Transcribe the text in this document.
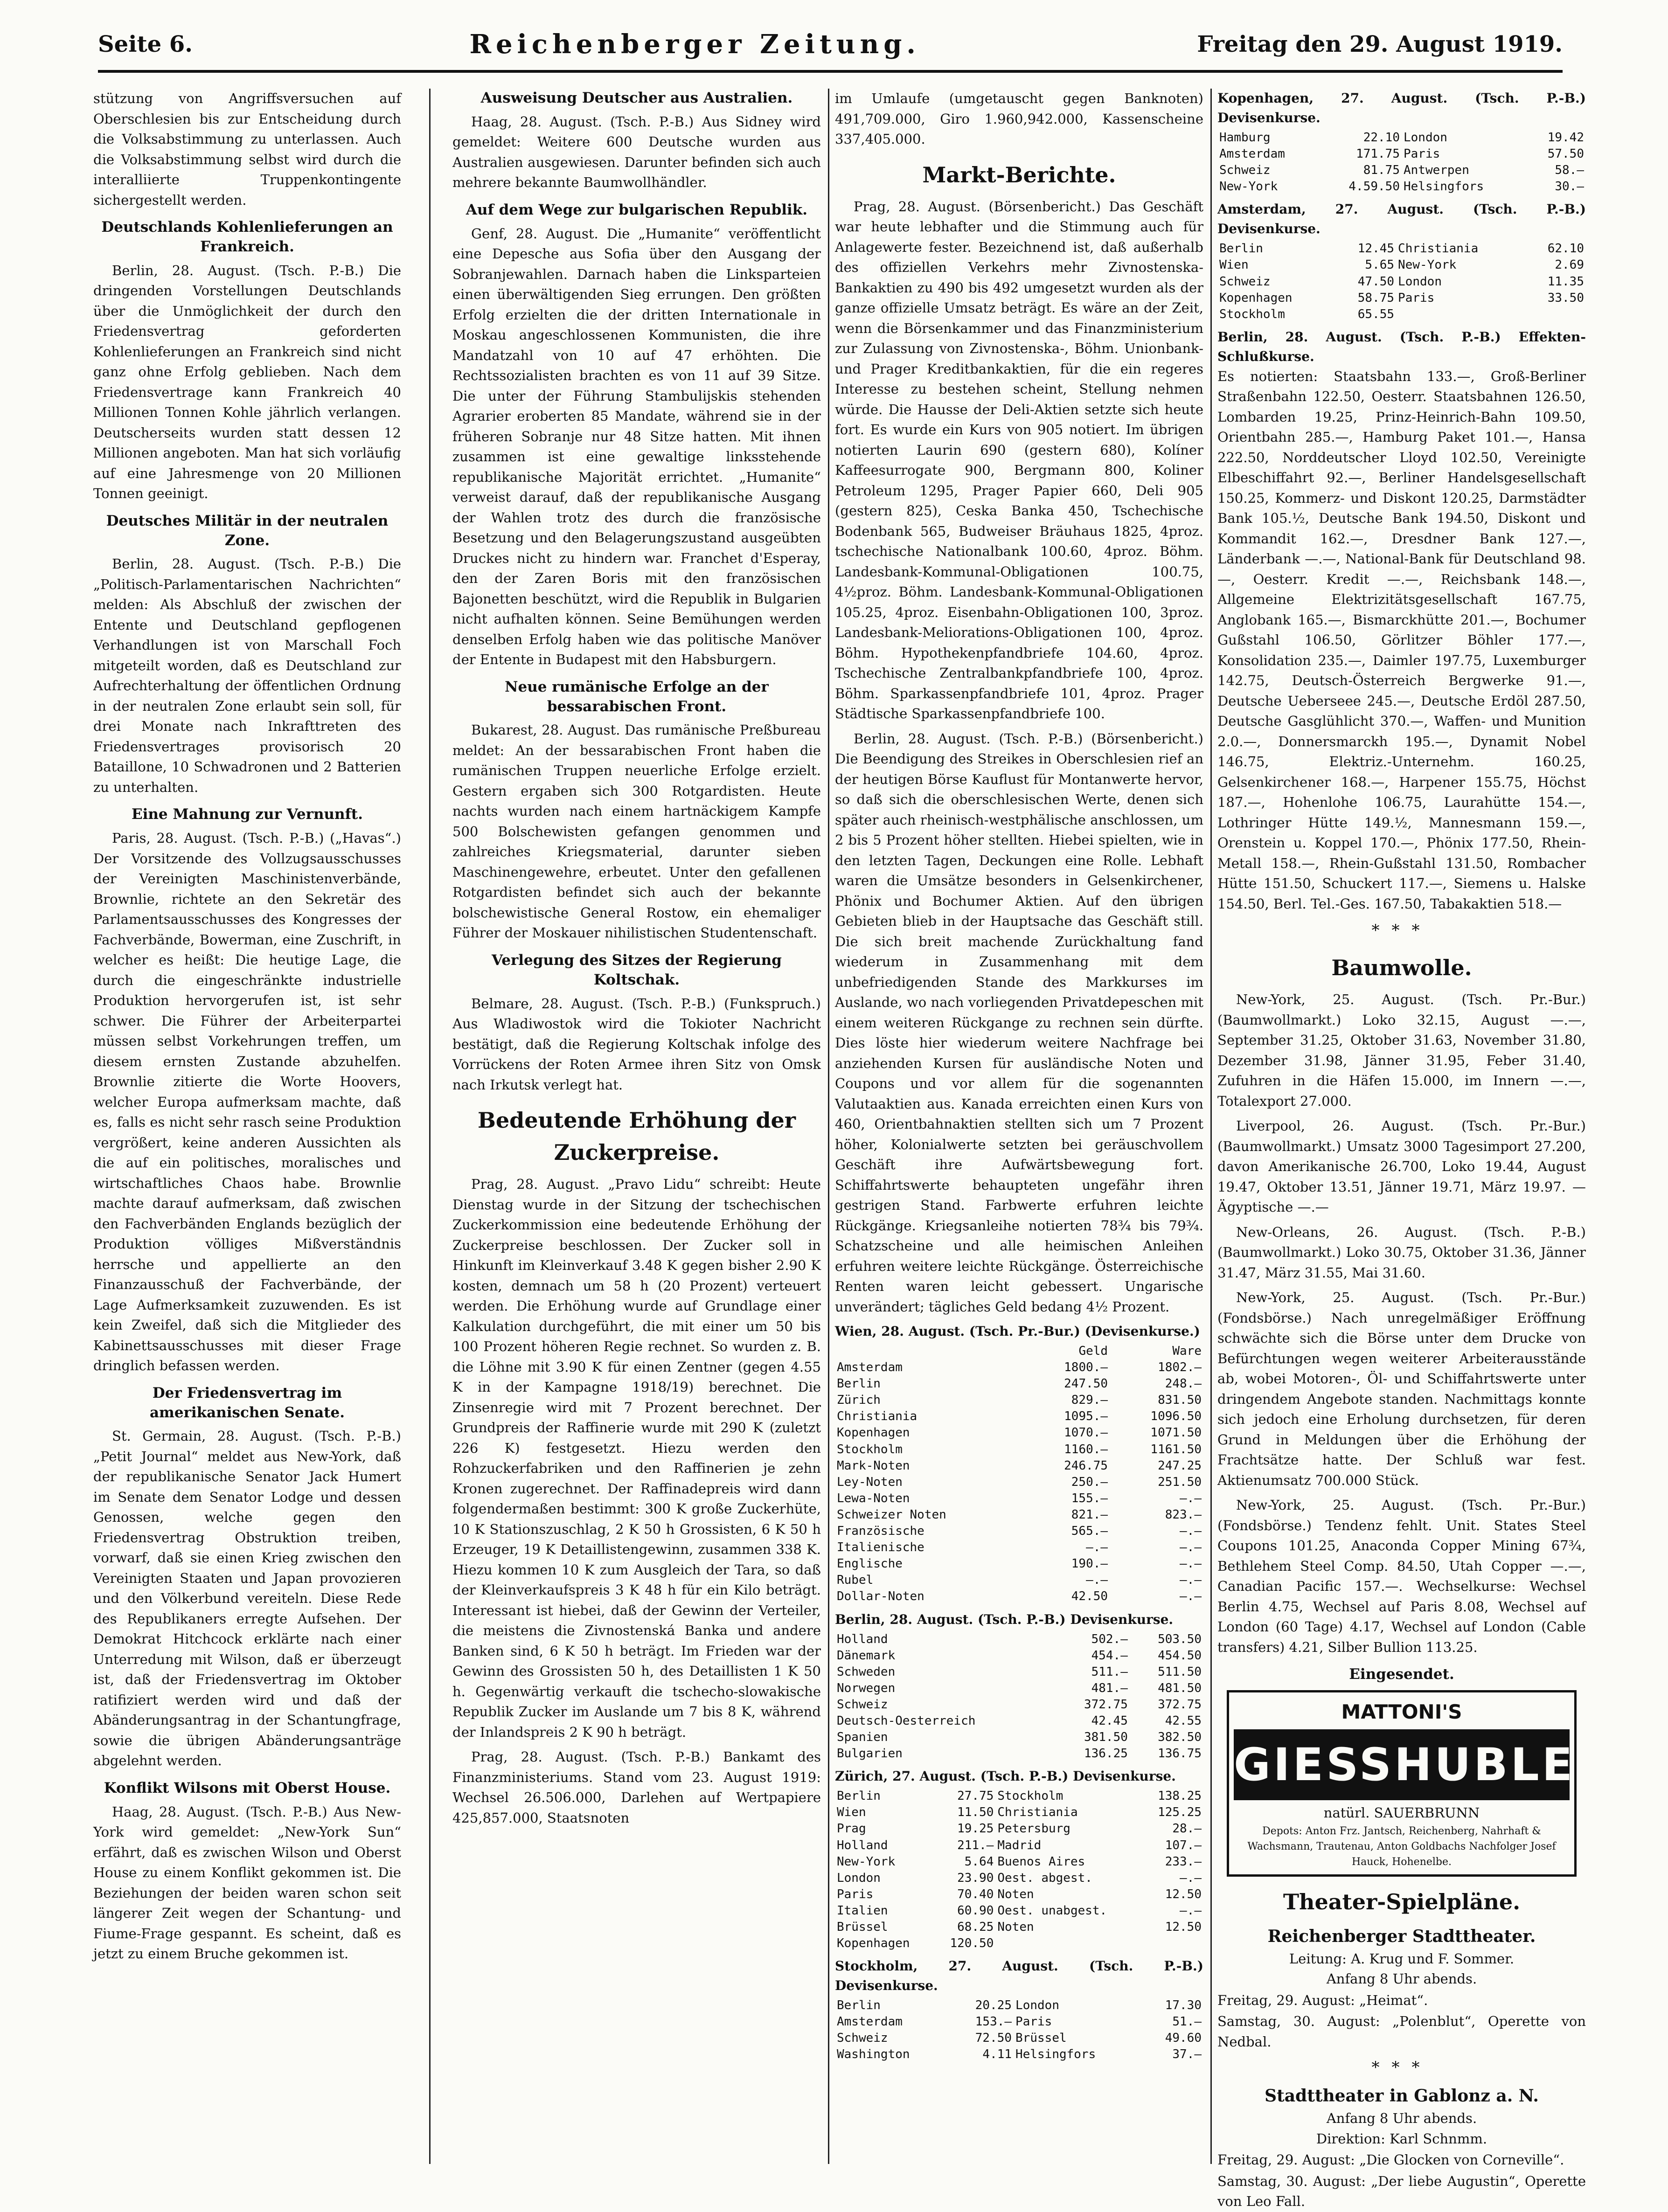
Seite 6.	Reichenberger Zeitung.	Freitag den 29. August 1919.

stützung von Angriffsversuchen auf Oberschlesien bis zur Entscheidung durch die Volksabstimmung zu unterlassen. Auch die Volksabstimmung selbst wird durch die interalliierte Truppenkontingente sichergestellt werden.

Deutschlands Kohlenlieferungen an Frankreich.

Berlin, 28. August. (Tsch. P.-B.) Die dringenden Vorstellungen Deutschlands über die Unmöglichkeit der durch den Friedensvertrag geforderten Kohlenlieferungen an Frankreich sind nicht ganz ohne Erfolg geblieben. Nach dem Friedensvertrage kann Frankreich 40 Millionen Tonnen Kohle jährlich verlangen. Deutscherseits wurden statt dessen 12 Millionen angeboten. Man hat sich vorläufig auf eine Jahresmenge von 20 Millionen Tonnen geeinigt.

Deutsches Militär in der neutralen Zone.

Berlin, 28. August. (Tsch. P.-B.) Die „Politisch-Parlamentarischen Nachrichten“ melden: Als Abschluß der zwischen der Entente und Deutschland gepflogenen Verhandlungen ist von Marschall Foch mitgeteilt worden, daß es Deutschland zur Aufrechterhaltung der öffentlichen Ordnung in der neutralen Zone erlaubt sein soll, für drei Monate nach Inkrafttreten des Friedensvertrages provisorisch 20 Bataillone, 10 Schwadronen und 2 Batterien zu unterhalten.

Eine Mahnung zur Vernunft.

Paris, 28. August. (Tsch. P.-B.) („Havas“.) Der Vorsitzende des Vollzugsausschusses der Vereinigten Maschinistenverbände, Brownlie, richtete an den Sekretär des Parlamentsausschusses des Kongresses der Fachverbände, Bowerman, eine Zuschrift, in welcher es heißt: Die heutige Lage, die durch die eingeschränkte industrielle Produktion hervorgerufen ist, ist sehr schwer. Die Führer der Arbeiterpartei müssen selbst Vorkehrungen treffen, um diesem ernsten Zustande abzuhelfen. Brownlie zitierte die Worte Hoovers, welcher Europa aufmerksam machte, daß es, falls es nicht sehr rasch seine Produktion vergrößert, keine anderen Aussichten als die auf ein politisches, moralisches und wirtschaftliches Chaos habe. Brownlie machte darauf aufmerksam, daß zwischen den Fachverbänden Englands bezüglich der Produktion völliges Mißverständnis herrsche und appellierte an den Finanzausschuß der Fachverbände, der Lage Aufmerksamkeit zuzuwenden. Es ist kein Zweifel, daß sich die Mitglieder des Kabinettsausschusses mit dieser Frage dringlich befassen werden.

Der Friedensvertrag im amerikanischen Senate.

St. Germain, 28. August. (Tsch. P.-B.) „Petit Journal“ meldet aus New-York, daß der republikanische Senator Jack Humert im Senate dem Senator Lodge und dessen Genossen, welche gegen den Friedensvertrag Obstruktion treiben, vorwarf, daß sie einen Krieg zwischen den Vereinigten Staaten und Japan provozieren und den Völkerbund vereiteln. Diese Rede des Republikaners erregte Aufsehen. Der Demokrat Hitchcock erklärte nach einer Unterredung mit Wilson, daß er überzeugt ist, daß der Friedensvertrag im Oktober ratifiziert werden wird und daß der Abänderungsantrag in der Schantungfrage, sowie die übrigen Abänderungsanträge abgelehnt werden.

Konflikt Wilsons mit Oberst House.

Haag, 28. August. (Tsch. P.-B.) Aus New-York wird gemeldet: „New-York Sun“ erfährt, daß es zwischen Wilson und Oberst House zu einem Konflikt gekommen ist. Die Beziehungen der beiden waren schon seit längerer Zeit wegen der Schantung- und Fiume-Frage gespannt. Es scheint, daß es jetzt zu einem Bruche gekommen ist.

Ausweisung Deutscher aus Australien.

Haag, 28. August. (Tsch. P.-B.) Aus Sidney wird gemeldet: Weitere 600 Deutsche wurden aus Australien ausgewiesen. Darunter befinden sich auch mehrere bekannte Baumwollhändler.

Auf dem Wege zur bulgarischen Republik.

Genf, 28. August. Die „Humanite“ veröffentlicht eine Depesche aus Sofia über den Ausgang der Sobranjewahlen. Darnach haben die Linksparteien einen überwältigenden Sieg errungen. Den größten Erfolg erzielten die der dritten Internationale in Moskau angeschlossenen Kommunisten, die ihre Mandatzahl von 10 auf 47 erhöhten. Die Rechtssozialisten brachten es von 11 auf 39 Sitze. Die unter der Führung Stambulijskis stehenden Agrarier eroberten 85 Mandate, während sie in der früheren Sobranje nur 48 Sitze hatten. Mit ihnen zusammen ist eine gewaltige linksstehende republikanische Majorität errichtet. „Humanite“ verweist darauf, daß der republikanische Ausgang der Wahlen trotz des durch die französische Besetzung und den Belagerungszustand ausgeübten Druckes nicht zu hindern war. Franchet d'Esperay, den der Zaren Boris mit den französischen Bajonetten beschützt, wird die Republik in Bulgarien nicht aufhalten können. Seine Bemühungen werden denselben Erfolg haben wie das politische Manöver der Entente in Budapest mit den Habsburgern.

Neue rumänische Erfolge an der bessarabischen Front.

Bukarest, 28. August. Das rumänische Preßbureau meldet: An der bessarabischen Front haben die rumänischen Truppen neuerliche Erfolge erzielt. Gestern ergaben sich 300 Rotgardisten. Heute nachts wurden nach einem hartnäckigem Kampfe 500 Bolschewisten gefangen genommen und zahlreiches Kriegsmaterial, darunter sieben Maschinengewehre, erbeutet. Unter den gefallenen Rotgardisten befindet sich auch der bekannte bolschewistische General Rostow, ein ehemaliger Führer der Moskauer nihilistischen Studentenschaft.

Verlegung des Sitzes der Regierung Koltschak.

Belmare, 28. August. (Tsch. P.-B.) (Funkspruch.) Aus Wladiwostok wird die Tokioter Nachricht bestätigt, daß die Regierung Koltschak infolge des Vorrückens der Roten Armee ihren Sitz von Omsk nach Irkutsk verlegt hat.

Bedeutende Erhöhung der Zuckerpreise.

Prag, 28. August. „Pravo Lidu“ schreibt: Heute Dienstag wurde in der Sitzung der tschechischen Zuckerkommission eine bedeutende Erhöhung der Zuckerpreise beschlossen. Der Zucker soll in Hinkunft im Kleinverkauf 3.48 K gegen bisher 2.90 K kosten, demnach um 58 h (20 Prozent) verteuert werden. Die Erhöhung wurde auf Grundlage einer Kalkulation durchgeführt, die mit einer um 50 bis 100 Prozent höheren Regie rechnet. So wurden z. B. die Löhne mit 3.90 K für einen Zentner (gegen 4.55 K in der Kampagne 1918/19) berechnet. Die Zinsenregie wird mit 7 Prozent berechnet. Der Grundpreis der Raffinerie wurde mit 290 K (zuletzt 226 K) festgesetzt. Hiezu werden den Rohzuckerfabriken und den Raffinerien je zehn Kronen zugerechnet. Der Raffinadepreis wird dann folgendermaßen bestimmt: 300 K große Zuckerhüte, 10 K Stationszuschlag, 2 K 50 h Grossisten, 6 K 50 h Erzeuger, 19 K Detaillistengewinn, zusammen 338 K. Hiezu kommen 10 K zum Ausgleich der Tara, so daß der Kleinverkaufspreis 3 K 48 h für ein Kilo beträgt. Interessant ist hiebei, daß der Gewinn der Verteiler, die meistens die Zivnostenská Banka und andere Banken sind, 6 K 50 h beträgt. Im Frieden war der Gewinn des Grossisten 50 h, des Detaillisten 1 K 50 h. Gegenwärtig verkauft die tschecho-slowakische Republik Zucker im Auslande um 7 bis 8 K, während der Inlandspreis 2 K 90 h beträgt.

Prag, 28. August. (Tsch. P.-B.) Bankamt des Finanzministeriums. Stand vom 23. August 1919: Wechsel 26.506.000, Darlehen auf Wertpapiere 425,857.000, Staatsnoten

im Umlaufe (umgetauscht gegen Banknoten) 491,709.000, Giro 1.960,942.000, Kassenscheine 337,405.000.

Markt-Berichte.

Prag, 28. August. (Börsenbericht.) Das Geschäft war heute lebhafter und die Stimmung auch für Anlagewerte fester. Bezeichnend ist, daß außerhalb des offiziellen Verkehrs mehr Zivnostenska-Bankaktien zu 490 bis 492 umgesetzt wurden als der ganze offizielle Umsatz beträgt. Es wäre an der Zeit, wenn die Börsenkammer und das Finanzministerium zur Zulassung von Zivnostenska-, Böhm. Unionbank- und Prager Kreditbankaktien, für die ein regeres Interesse zu bestehen scheint, Stellung nehmen würde. Die Hausse der Deli-Aktien setzte sich heute fort. Es wurde ein Kurs von 905 notiert. Im übrigen notierten Laurin 690 (gestern 680), Kolíner Kaffeesurrogate 900, Bergmann 800, Koliner Petroleum 1295, Prager Papier 660, Deli 905 (gestern 825), Ceska Banka 450, Tschechische Bodenbank 565, Budweiser Bräuhaus 1825, 4proz. tschechische Nationalbank 100.60, 4proz. Böhm. Landesbank-Kommunal-Obligationen 100.75, 4½proz. Böhm. Landesbank-Kommunal-Obligationen 105.25, 4proz. Eisenbahn-Obligationen 100, 3proz. Landesbank-Meliorations-Obligationen 100, 4proz. Böhm. Hypothekenpfandbriefe 104.60, 4proz. Tschechische Zentralbankpfandbriefe 100, 4proz. Böhm. Sparkassenpfandbriefe 101, 4proz. Prager Städtische Sparkassenpfandbriefe 100.

Berlin, 28. August. (Tsch. P.-B.) (Börsenbericht.) Die Beendigung des Streikes in Oberschlesien rief an der heutigen Börse Kauflust für Montanwerte hervor, so daß sich die oberschlesischen Werte, denen sich später auch rheinisch-westphälische anschlossen, um 2 bis 5 Prozent höher stellten. Hiebei spielten, wie in den letzten Tagen, Deckungen eine Rolle. Lebhaft waren die Umsätze besonders in Gelsenkirchener, Phönix und Bochumer Aktien. Auf den übrigen Gebieten blieb in der Hauptsache das Geschäft still. Die sich breit machende Zurückhaltung fand wiederum in Zusammenhang mit dem unbefriedigenden Stande des Markkurses im Auslande, wo nach vorliegenden Privatdepeschen mit einem weiteren Rückgange zu rechnen sein dürfte. Dies löste hier wiederum weitere Nachfrage bei anziehenden Kursen für ausländische Noten und Coupons und vor allem für die sogenannten Valutaaktien aus. Kanada erreichten einen Kurs von 460, Orientbahnaktien stellten sich um 7 Prozent höher, Kolonialwerte setzten bei geräuschvollem Geschäft ihre Aufwärtsbewegung fort. Schiffahrtswerte behaupteten ungefähr ihren gestrigen Stand. Farbwerte erfuhren leichte Rückgänge. Kriegsanleihe notierten 78¾ bis 79¾. Schatzscheine und alle heimischen Anleihen erfuhren weitere leichte Rückgänge. Österreichische Renten waren leicht gebessert. Ungarische unverändert; tägliches Geld bedang 4½ Prozent.

Wien, 28. August. (Tsch. Pr.-Bur.) (Devisenkurse.)
	Geld	Ware
Amsterdam	1800.—	1802.—
Berlin	247.50	248.—
Zürich	829.—	831.50
Christiania	1095.—	1096.50
Kopenhagen	1070.—	1071.50
Stockholm	1160.—	1161.50
Mark-Noten	246.75	247.25
Ley-Noten	250.—	251.50
Lewa-Noten	155.—	—.—
Schweizer Noten	821.—	823.—
Französische	565.—	—.—
Italienische	—.—	—.—
Englische	190.—	—.—
Rubel	—.—	—.—
Dollar-Noten	42.50	—.—
Berlin, 28. August. (Tsch. P.-B.) Devisenkurse.
Holland	502.—	503.50
Dänemark	454.—	454.50
Schweden	511.—	511.50
Norwegen	481.—	481.50
Schweiz	372.75	372.75
Deutsch-Oesterreich	42.45	42.55
Spanien	381.50	382.50
Bulgarien	136.25	136.75
Zürich, 27. August. (Tsch. P.-B.) Devisenkurse.
Berlin	27.75	Stockholm	138.25
Wien	11.50	Christiania	125.25
Prag	19.25	Petersburg	28.—
Holland	211.—	Madrid	107.—
New-York	5.64	Buenos Aires	233.—
London	23.90	Oest. abgest.	—.—
Paris	70.40	Noten	12.50
Italien	60.90	Oest. unabgest.	—.—
Brüssel	68.25	Noten	12.50
Kopenhagen	120.50		
Stockholm, 27. August. (Tsch. P.-B.) Devisenkurse.
Berlin	20.25	London	17.30
Amsterdam	153.—	Paris	51.—
Schweiz	72.50	Brüssel	49.60
Washington	4.11	Helsingfors	37.—
Kopenhagen, 27. August. (Tsch. P.-B.) Devisenkurse.
Hamburg	22.10	London	19.42
Amsterdam	171.75	Paris	57.50
Schweiz	81.75	Antwerpen	58.—
New-York	4.59.50	Helsingfors	30.—
Amsterdam, 27. August. (Tsch. P.-B.) Devisenkurse.
Berlin	12.45	Christiania	62.10
Wien	5.65	New-York	2.69
Schweiz	47.50	London	11.35
Kopenhagen	58.75	Paris	33.50
Stockholm	65.55		
Berlin, 28. August. (Tsch. P.-B.) Effekten-Schlußkurse.

Es notierten: Staatsbahn 133.—, Groß-Berliner Straßenbahn 122.50, Oesterr. Staatsbahnen 126.50, Lombarden 19.25, Prinz-Heinrich-Bahn 109.50, Orientbahn 285.—, Hamburg Paket 101.—, Hansa 222.50, Norddeutscher Lloyd 102.50, Vereinigte Elbeschiffahrt 92.—, Berliner Handelsgesellschaft 150.25, Kommerz- und Diskont 120.25, Darmstädter Bank 105.½, Deutsche Bank 194.50, Diskont und Kommandit 162.—, Dresdner Bank 127.—, Länderbank —.—, National-Bank für Deutschland 98.—, Oesterr. Kredit —.—, Reichsbank 148.—, Allgemeine Elektrizitätsgesellschaft 167.75, Anglobank 165.—, Bismarckhütte 201.—, Bochumer Gußstahl 106.50, Görlitzer Böhler 177.—, Konsolidation 235.—, Daimler 197.75, Luxemburger 142.75, Deutsch-Österreich Bergwerke 91.—, Deutsche Ueberseee 245.—, Deutsche Erdöl 287.50, Deutsche Gasglühlicht 370.—, Waffen- und Munition 2.0.—, Donnersmarckh 195.—, Dynamit Nobel 146.75, Elektriz.-Unternehm. 160.25, Gelsenkirchener 168.—, Harpener 155.75, Höchst 187.—, Hohenlohe 106.75, Laurahütte 154.—, Lothringer Hütte 149.½, Mannesmann 159.—, Orenstein u. Koppel 170.—, Phönix 177.50, Rhein-Metall 158.—, Rhein-Gußstahl 131.50, Rombacher Hütte 151.50, Schuckert 117.—, Siemens u. Halske 154.50, Berl. Tel.-Ges. 167.50, Tabakaktien 518.—

***
Baumwolle.

New-York, 25. August. (Tsch. Pr.-Bur.) (Baumwollmarkt.) Loko 32.15, August —.—, September 31.25, Oktober 31.63, November 31.80, Dezember 31.98, Jänner 31.95, Feber 31.40, Zufuhren in die Häfen 15.000, im Innern —.—, Totalexport 27.000.

Liverpool, 26. August. (Tsch. Pr.-Bur.) (Baumwollmarkt.) Umsatz 3000 Tagesimport 27.200, davon Amerikanische 26.700, Loko 19.44, August 19.47, Oktober 13.51, Jänner 19.71, März 19.97. — Ägyptische —.—

New-Orleans, 26. August. (Tsch. P.-B.) (Baumwollmarkt.) Loko 30.75, Oktober 31.36, Jänner 31.47, März 31.55, Mai 31.60.

New-York, 25. August. (Tsch. Pr.-Bur.) (Fondsbörse.) Nach unregelmäßiger Eröffnung schwächte sich die Börse unter dem Drucke von Befürchtungen wegen weiterer Arbeiterausstände ab, wobei Motoren-, Öl- und Schiffahrtswerte unter dringendem Angebote standen. Nachmittags konnte sich jedoch eine Erholung durchsetzen, für deren Grund in Meldungen über die Erhöhung der Frachtsätze hatte. Der Schluß war fest. Aktienumsatz 700.000 Stück.

New-York, 25. August. (Tsch. Pr.-Bur.) (Fondsbörse.) Tendenz fehlt. Unit. States Steel Coupons 101.25, Anaconda Copper Mining 67¾, Bethlehem Steel Comp. 84.50, Utah Copper —.—, Canadian Pacific 157.—. Wechselkurse: Wechsel Berlin 4.75, Wechsel auf Paris 8.08, Wechsel auf London (60 Tage) 4.17, Wechsel auf London (Cable transfers) 4.21, Silber Bullion 113.25.

Eingesendet.
MATTONI'S
GIESSHUBLER
natürl. SAUERBRUNN
Depots: Anton Frz. Jantsch, Reichenberg, Nahrhaft & Wachsmann, Trautenau, Anton Goldbachs Nachfolger Josef Hauck, Hohenelbe.
Theater-Spielpläne.
Reichenberger Stadttheater.
Leitung: A. Krug und F. Sommer.
Anfang 8 Uhr abends.

Freitag, 29. August: „Heimat“.

Samstag, 30. August: „Polenblut“, Operette von Nedbal.

***
Stadttheater in Gablonz a. N.
Anfang 8 Uhr abends.
Direktion: Karl Schnmm.

Freitag, 29. August: „Die Glocken von Corneville“.

Samstag, 30. August: „Der liebe Augustin“, Operette von Leo Fall.
